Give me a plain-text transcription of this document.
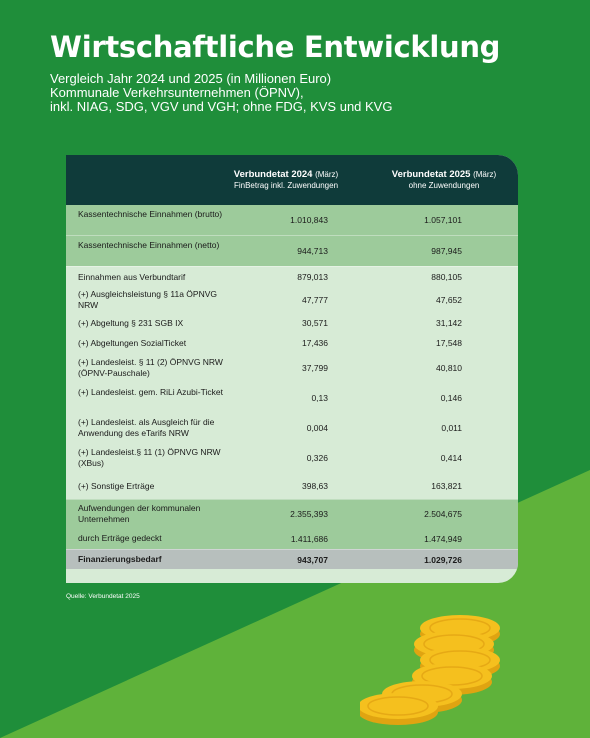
Wirtschaftliche Entwicklung
Vergleich Jahr 2024 und 2025 (in Millionen Euro)
Kommunale Verkehrsunternehmen (ÖPNV),
inkl. NIAG, SDG, VGV und VGH; ohne FDG, KVS und KVG
Verbundetat 2024 (März)
FinBetrag inkl. Zuwendungen
Verbundetat 2025 (März)
ohne Zuwendungen
Kassentechnische Einnahmen (brutto)
1.010,843	1.057,101
Kassentechnische Einnahmen (netto)
944,713	987,945
Einnahmen aus Verbundtarif	879,013	880,105
(+) Ausgleichsleistung § 11a ÖPNVG NRW	47,777	47,652
(+) Abgeltung § 231 SGB IX	30,571	31,142
(+) Abgeltungen SozialTicket	17,436	17,548
(+) Landesleist. § 11 (2) ÖPNVG NRW (ÖPNV-Pauschale)	37,799	40,810
(+) Landesleist. gem. RiLi Azubi-Ticket
0,13	0,146
(+) Landesleist. als Ausgleich für die Anwendung des eTarifs NRW	0,004	0,011
(+) Landesleist.§ 11 (1) ÖPNVG NRW (XBus)	0,326	0,414
(+) Sonstige Erträge	398,63	163,821
Aufwendungen der kommunalen Unternehmen	2.355,393	2.504,675
durch Erträge gedeckt	1.411,686	1.474,949
Finanzierungsbedarf	943,707	1.029,726
Quelle: Verbundetat 2025
